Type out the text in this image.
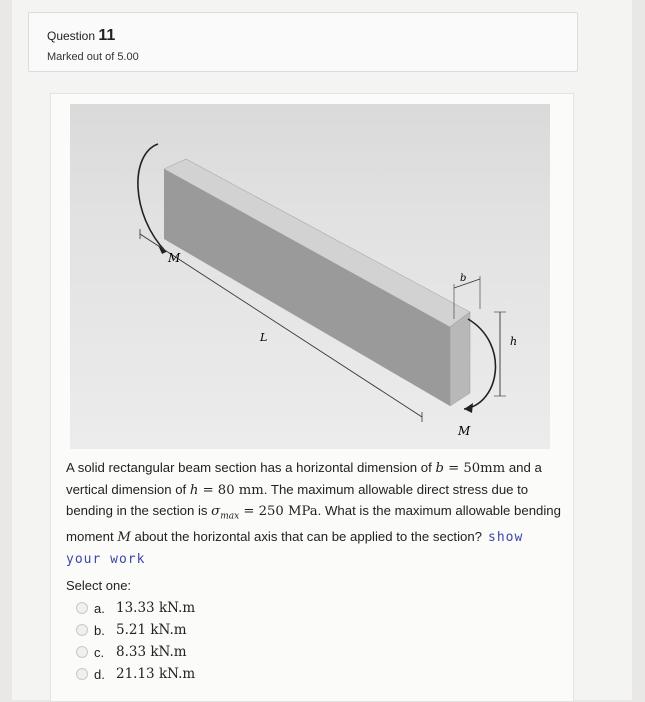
Question 11
Marked out of 5.00
M
L
b
h
M
A solid rectangular beam section has a horizontal dimension of b = 50mm and a vertical dimension of h = 80 mm. The maximum allowable direct stress due to bending in the section is $\sigma_{max} = 250$ MPa. What is the maximum allowable bending moment M about the horizontal axis that can be applied to the section? show your work
Select one:
a. 13.33 kN.m
b. 5.21 kN.m
c. 8.33 kN.m
d. 21.13 kN.m
